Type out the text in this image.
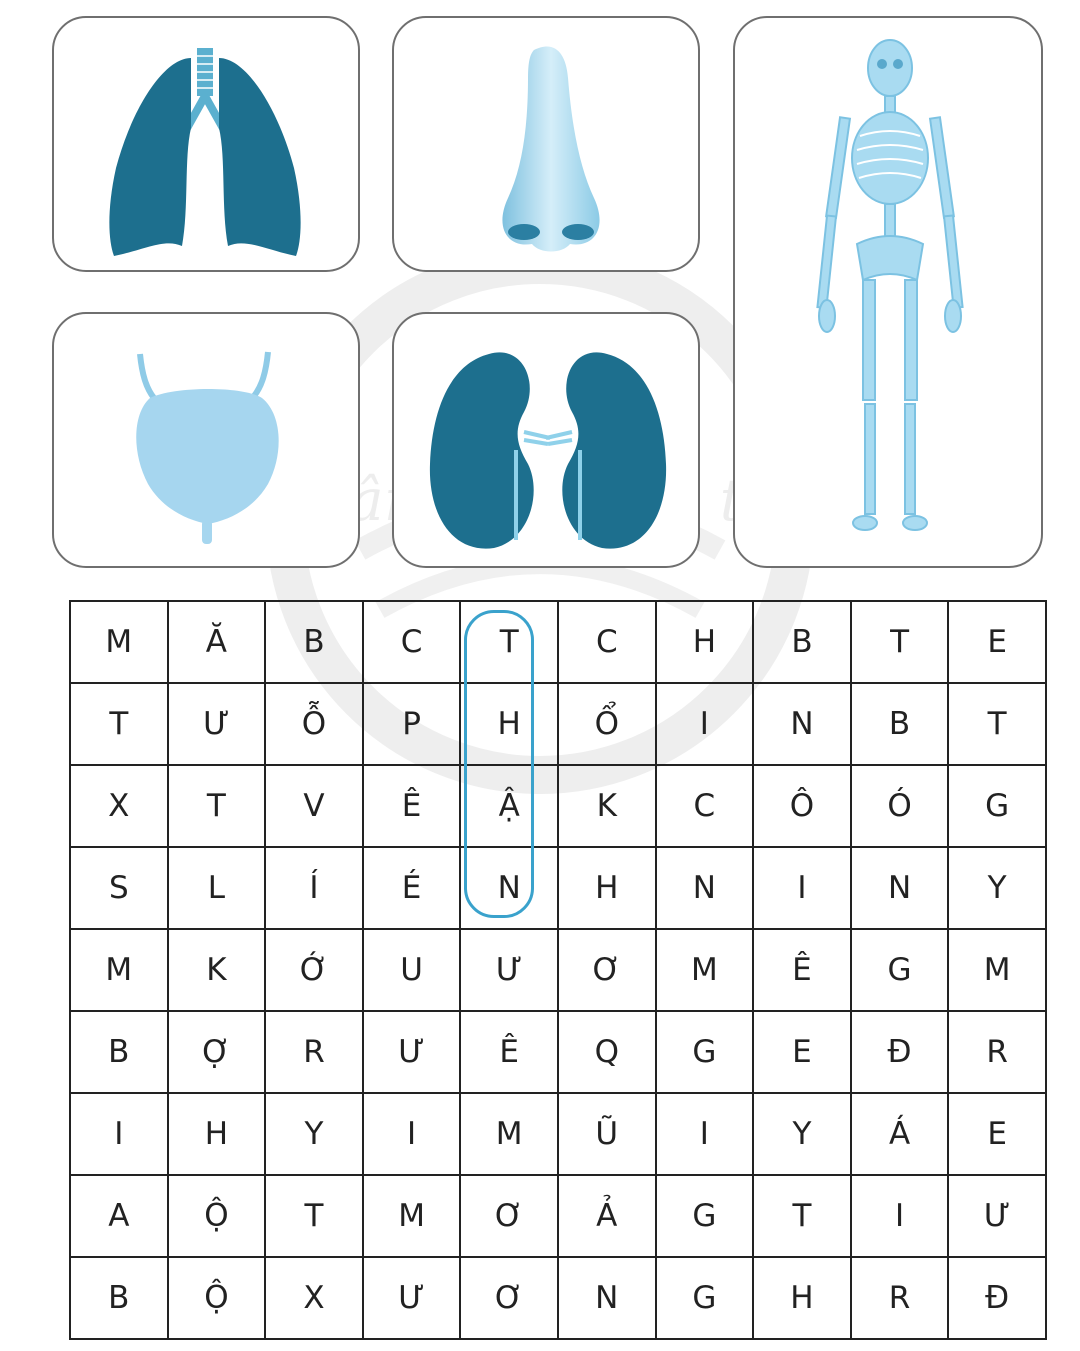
M	Ă	B	C	T	C	H	B	T	E
T	Ư	Ỗ	P	H	Ổ	I	N	B	T
X	T	V	Ê	Ậ	K	C	Ô	Ó	G
S	L	Í	É	N	H	N	I	N	Y
M	K	Ớ	U	Ư	Ơ	M	Ê	G	M
B	Ợ	R	Ư	Ê	Q	G	E	Đ	R
I	H	Y	I	M	Ũ	I	Y	Á	E
A	Ộ	T	M	Ơ	Ả	G	T	I	Ư
B	Ộ	X	Ư	Ơ	N	G	H	R	Đ
